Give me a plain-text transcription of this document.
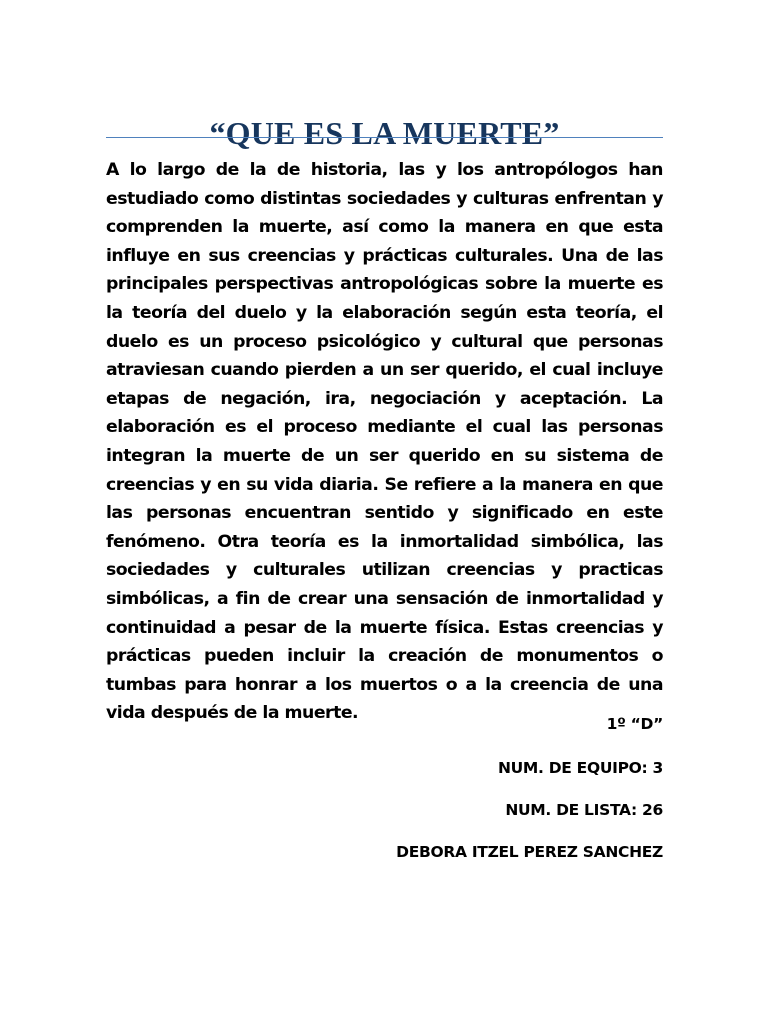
“QUE ES LA MUERTE”

A lo largo de la de historia, las y los antropólogos han estudiado como distintas sociedades y culturas enfrentan y comprenden la muerte, así como la manera en que esta influye en sus creencias y prácticas culturales. Una de las principales perspectivas antropológicas sobre la muerte es la teoría del duelo y la elaboración según esta teoría, el duelo es un proceso psicológico y cultural que personas atraviesan cuando pierden a un ser querido, el cual incluye etapas de negación, ira, negociación y aceptación. La elaboración es el proceso mediante el cual las personas integran la muerte de un ser querido en su sistema de creencias y en su vida diaria. Se refiere a la manera en que las personas encuentran sentido y significado en este fenómeno. Otra teoría es la inmortalidad simbólica, las sociedades y culturales utilizan creencias y practicas simbólicas, a fin de crear una sensación de inmortalidad y continuidad a pesar de la muerte física. Estas creencias y prácticas pueden incluir la creación de monumentos o tumbas para honrar a los muertos o a la creencia de una vida después de la muerte.

1º “D”

NUM. DE EQUIPO: 3

NUM. DE LISTA: 26

DEBORA ITZEL PEREZ SANCHEZ
